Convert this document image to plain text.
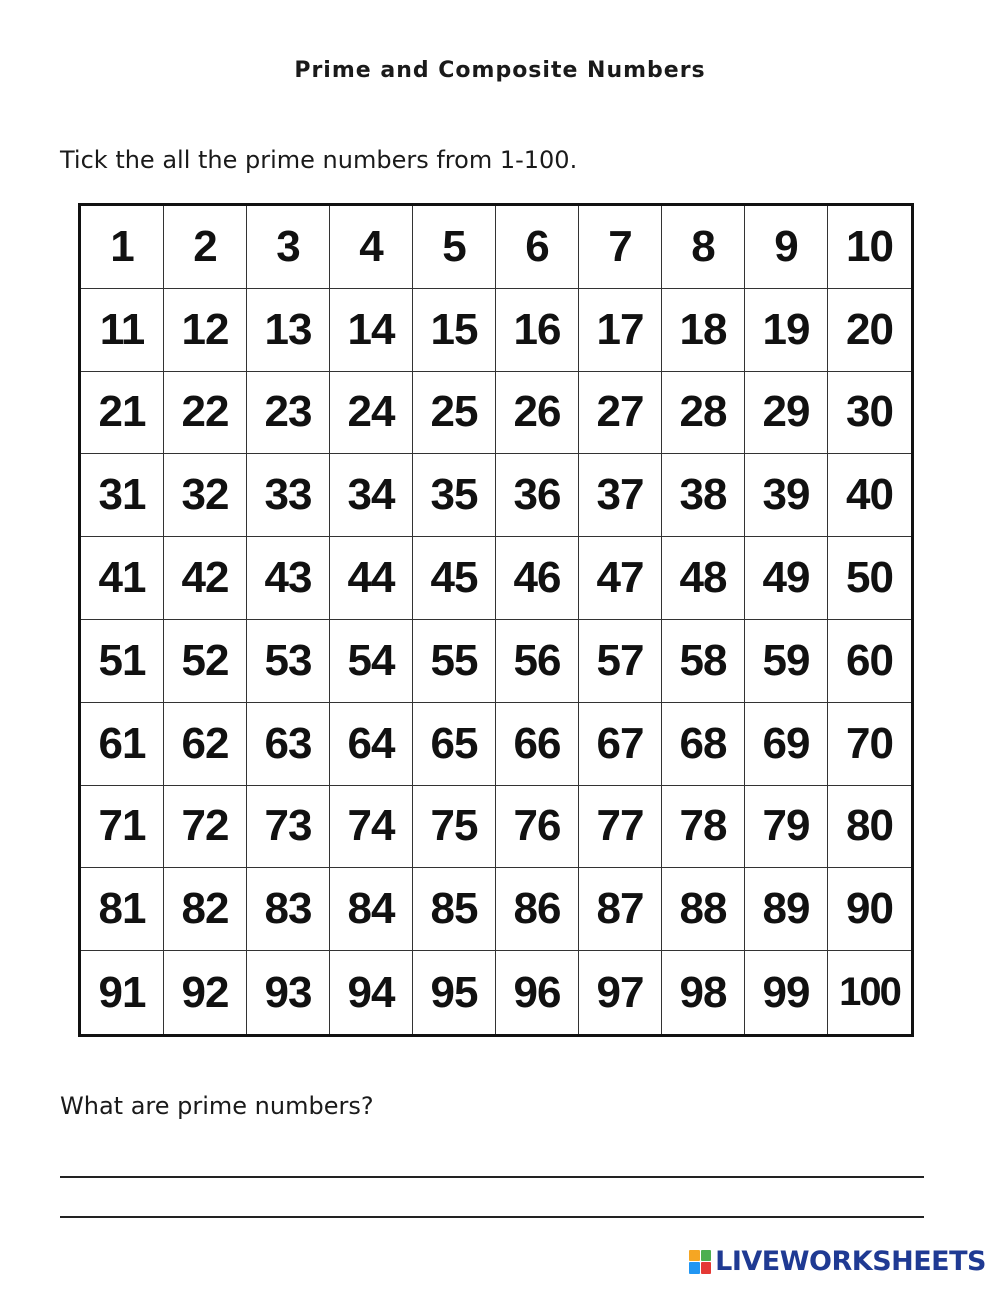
Prime and Composite Numbers
Tick the all the prime numbers from 1-100.
1	2	3	4	5	6	7	8	9	10
11 12 13 14 15 16 17 18 19 20
21 22 23 24 25 26 27 28 29 30
31 32 33 34 35 36 37 38 39 40
41 42 43 44 45 46 47 48 49 50
51 52 53 54 55 56 57 58 59 60
61 62 63 64 65 66 67 68 69 70
71 72 73 74 75 76 77 78 79 80
81 82 83 84 85 86 87 88 89 90
91 92 93 94 95 96 97 98 99 100
What are prime numbers?
LIVEWORKSHEETS
